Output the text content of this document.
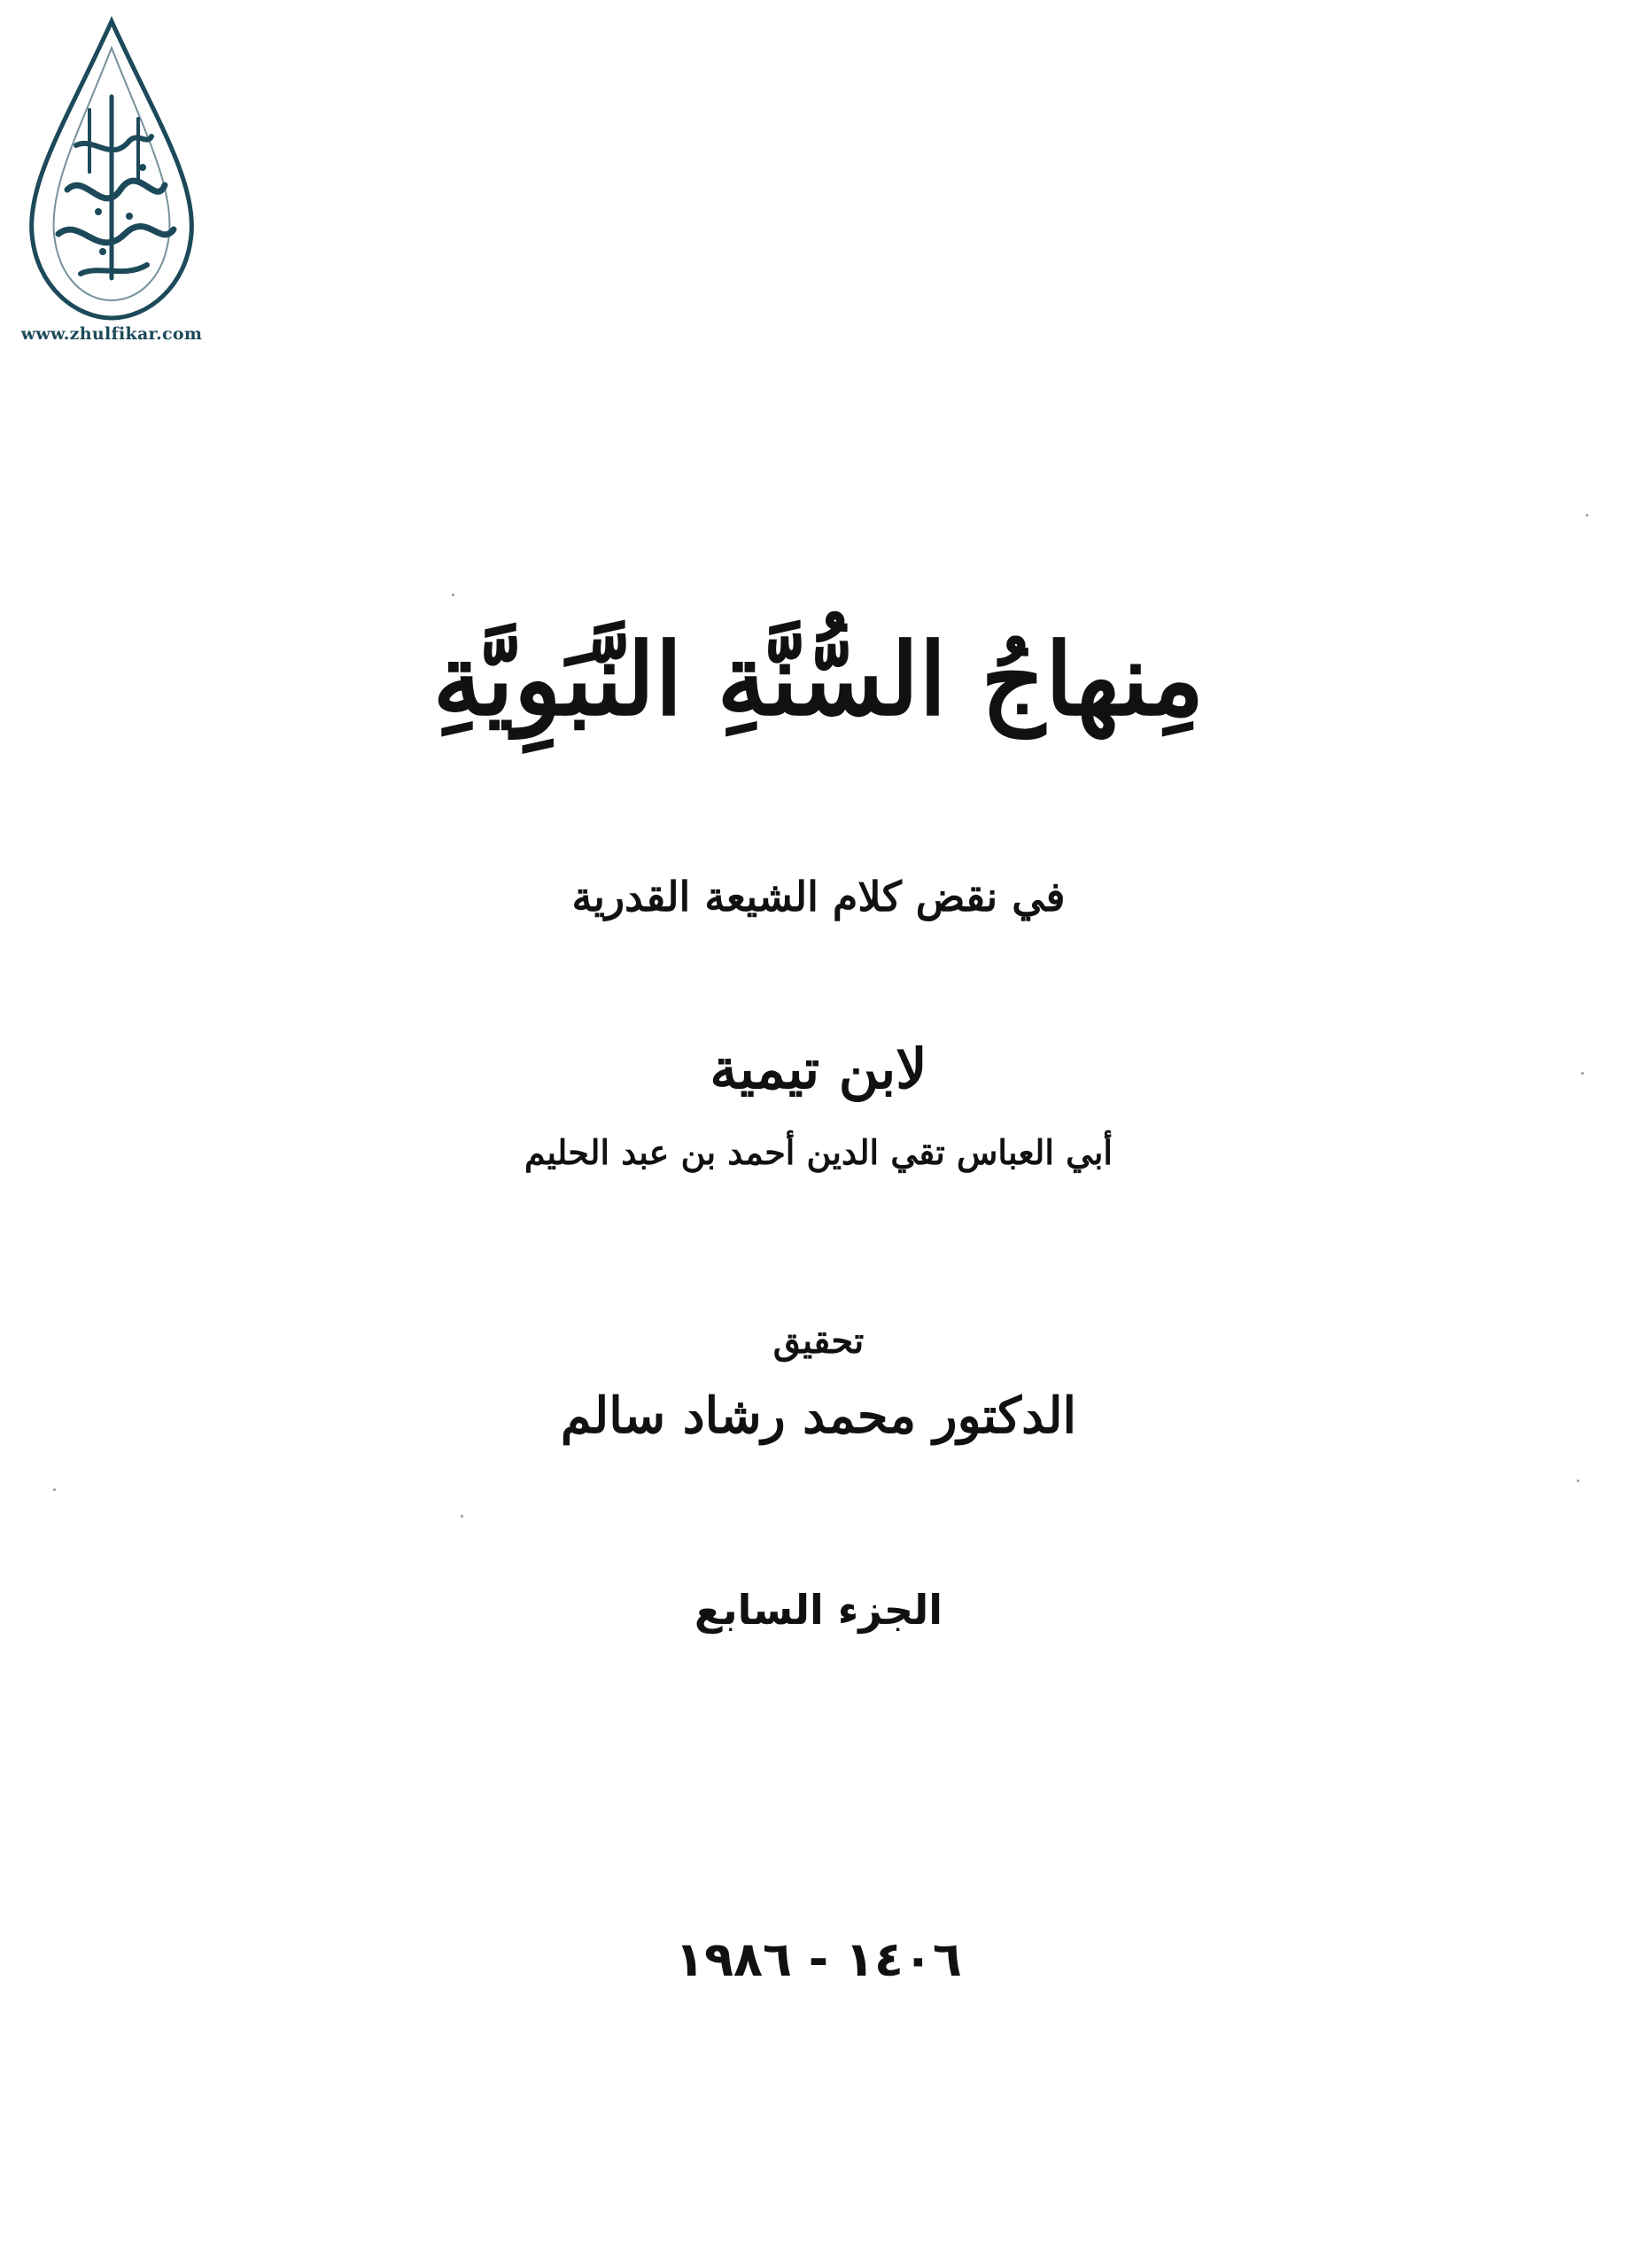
www.zhulfikar.com
مِنهاجُ السُّنَّةِ النَّبَوِيَّةِ
في نقض كلام الشيعة القدرية
لابن تيمية
أبي العباس تقي الدين أحمد بن عبد الحليم
تحقيق
الدكتور محمد رشاد سالم
الجزء السابع
١٤٠٦ - ١٩٨٦
